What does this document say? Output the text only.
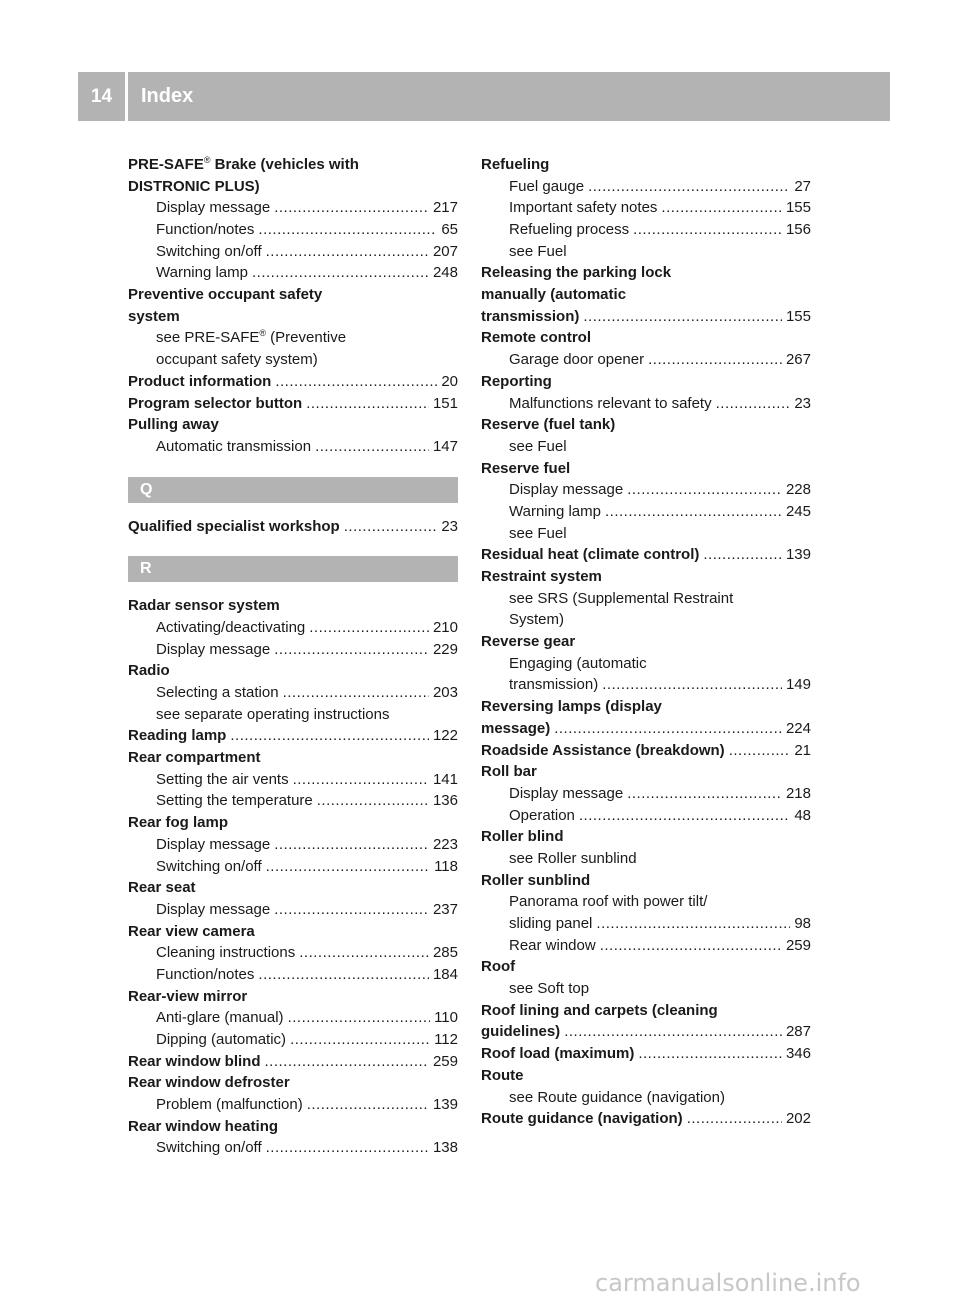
14	Index
PRE-SAFE® Brake (vehicles with
DISTRONIC PLUS)
Display message .....	217
Function/notes .....	65
Switching on/off .....	207
Warning lamp .....	248
Preventive occupant safety
system
see PRE-SAFE® (Preventive
occupant safety system)
Product information .....	20
Program selector button .....	151
Pulling away
Automatic transmission .....	147
Q
Qualified specialist workshop .....	23
R
Radar sensor system
Activating/deactivating .....	210
Display message .....	229
Radio
Selecting a station .....	203
see separate operating instructions
Reading lamp .....	122
Rear compartment
Setting the air vents .....	141
Setting the temperature .....	136
Rear fog lamp
Display message .....	223
Switching on/off .....	118
Rear seat
Display message .....	237
Rear view camera
Cleaning instructions .....	285
Function/notes .....	184
Rear-view mirror
Anti-glare (manual) .....	110
Dipping (automatic) .....	112
Rear window blind .....	259
Rear window defroster
Problem (malfunction) .....	139
Rear window heating
Switching on/off .....	138
Refueling
Fuel gauge .....	27
Important safety notes .....	155
Refueling process .....	156
see Fuel
Releasing the parking lock
manually (automatic
transmission) .....	155
Remote control
Garage door opener .....	267
Reporting
Malfunctions relevant to safety .....	23
Reserve (fuel tank)
see Fuel
Reserve fuel
Display message .....	228
Warning lamp .....	245
see Fuel
Residual heat (climate control) .....	139
Restraint system
see SRS (Supplemental Restraint
System)
Reverse gear
Engaging (automatic
transmission) .....	149
Reversing lamps (display
message) .....	224
Roadside Assistance (breakdown) .....	21
Roll bar
Display message .....	218
Operation .....	48
Roller blind
see Roller sunblind
Roller sunblind
Panorama roof with power tilt/
sliding panel .....	98
Rear window .....	259
Roof
see Soft top
Roof lining and carpets (cleaning
guidelines) .....	287
Roof load (maximum) .....	346
Route
see Route guidance (navigation)
Route guidance (navigation) .....	202
carmanualsonline.info
